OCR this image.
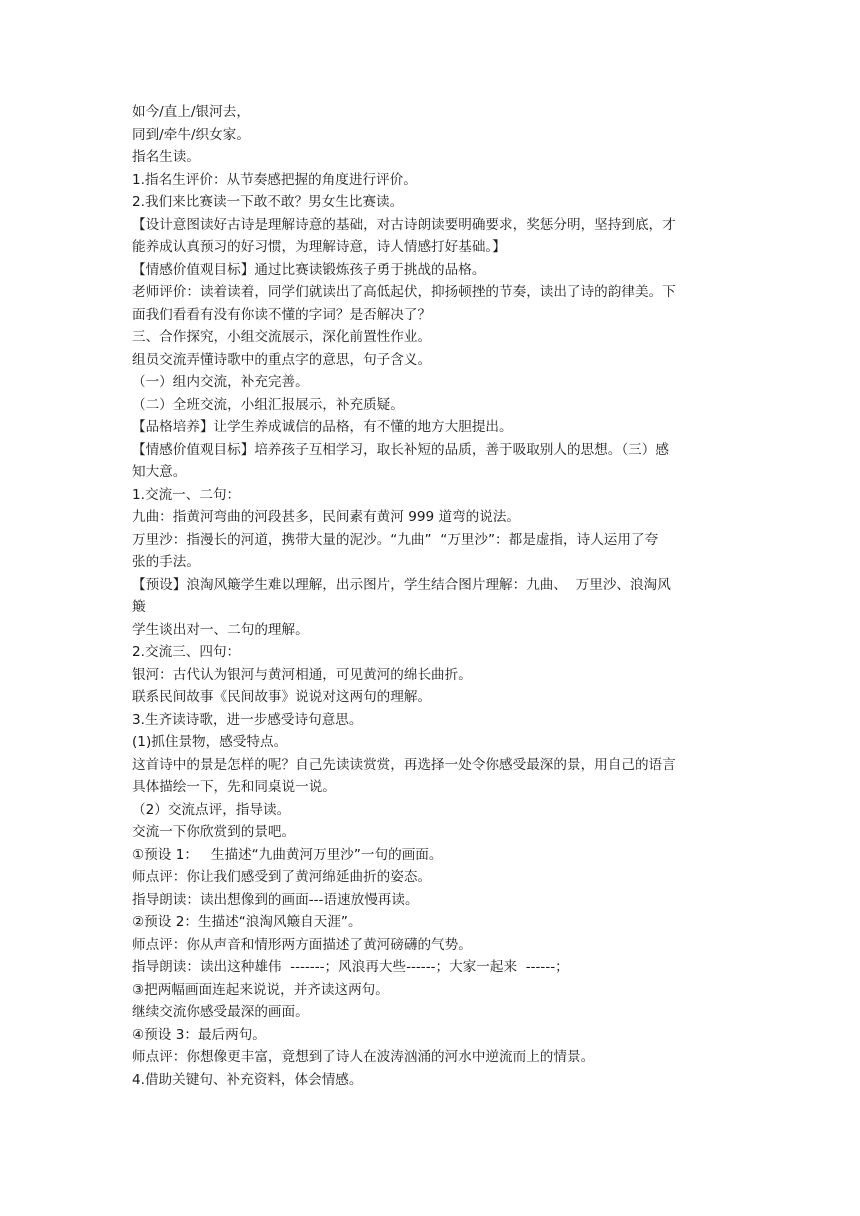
如今/直上/银河去，

同到/牵牛/织女家。

指名生读。

1.指名生评价：从节奏感把握的角度进行评价。

2.我们来比赛读一下敢不敢？男女生比赛读。

【设计意图读好古诗是理解诗意的基础，对古诗朗读要明确要求，奖惩分明，坚持到底，才

能养成认真预习的好习惯，为理解诗意，诗人情感打好基础。】

【情感价值观目标】通过比赛读锻炼孩子勇于挑战的品格。

老师评价：读着读着，同学们就读出了高低起伏，抑扬顿挫的节奏，读出了诗的韵律美。下

面我们看看有没有你读不懂的字词？是否解决了？

三、合作探究，小组交流展示，深化前置性作业。

组员交流弄懂诗歌中的重点字的意思，句子含义。

（一）组内交流，补充完善。

（二）全班交流，小组汇报展示，补充质疑。

【品格培养】让学生养成诚信的品格，有不懂的地方大胆提出。

【情感价值观目标】培养孩子互相学习，取长补短的品质，善于吸取别人的思想。（三）感

知大意。

1.交流一、二句：

九曲：指黄河弯曲的河段甚多，民间素有黄河 999 道弯的说法。

万里沙：指漫长的河道，携带大量的泥沙。“九曲”  “万里沙”：都是虚指，诗人运用了夸

张的手法。

【预设】浪淘风簸学生难以理解，出示图片，学生结合图片理解：九曲、  万里沙、浪淘风

簸

学生谈出对一、二句的理解。

2.交流三、四句：

银河：古代认为银河与黄河相通，可见黄河的绵长曲折。

联系民间故事《民间故事》说说对这两句的理解。

3.生齐读诗歌，进一步感受诗句意思。

(1)抓住景物，感受特点。

这首诗中的景是怎样的呢？自己先读读赏赏，再选择一处令你感受最深的景，用自己的语言

具体描绘一下，先和同桌说一说。

（2）交流点评，指导读。

交流一下你欣赏到的景吧。

①预设 1：   生描述“九曲黄河万里沙”一句的画面。

师点评：你让我们感受到了黄河绵延曲折的姿态。

指导朗读：读出想像到的画面---语速放慢再读。

②预设 2：生描述“浪淘风簸自天涯”。

师点评：你从声音和情形两方面描述了黄河磅礴的气势。

指导朗读：读出这种雄伟  -------；风浪再大些------；大家一起来  ------；

③把两幅画面连起来说说，并齐读这两句。

继续交流你感受最深的画面。

④预设 3：最后两句。

师点评：你想像更丰富，竟想到了诗人在波涛汹涌的河水中逆流而上的情景。

4.借助关键句、补充资料，体会情感。
